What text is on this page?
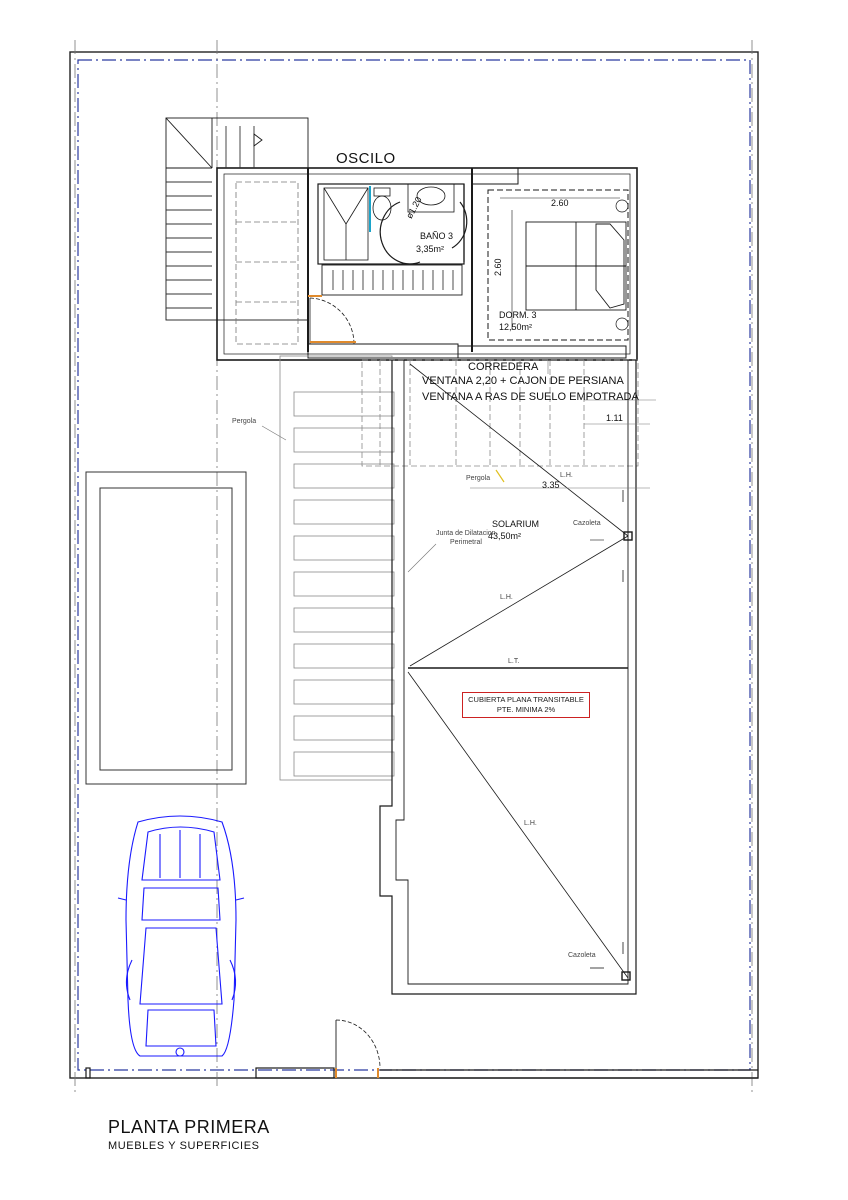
OSCILO
ø1.20
BAÑO 3
3,35m²
2.60
2.60
DORM. 3
12,50m²
CORREDERA
VENTANA 2,20 + CAJON DE PERSIANA
VENTANA A RAS DE SUELO EMPOTRADA
1.11
Pergola
Pergola	L.H.
3.35
SOLARIUM
43,50m²
Cazoleta
Junta de Dilatacion
Perimetral
L.H.
L.T.
CUBIERTA PLANA TRANSITABLE
PTE. MINIMA 2%
L.H.
Cazoleta
PLANTA PRIMERA
MUEBLES Y SUPERFICIES
